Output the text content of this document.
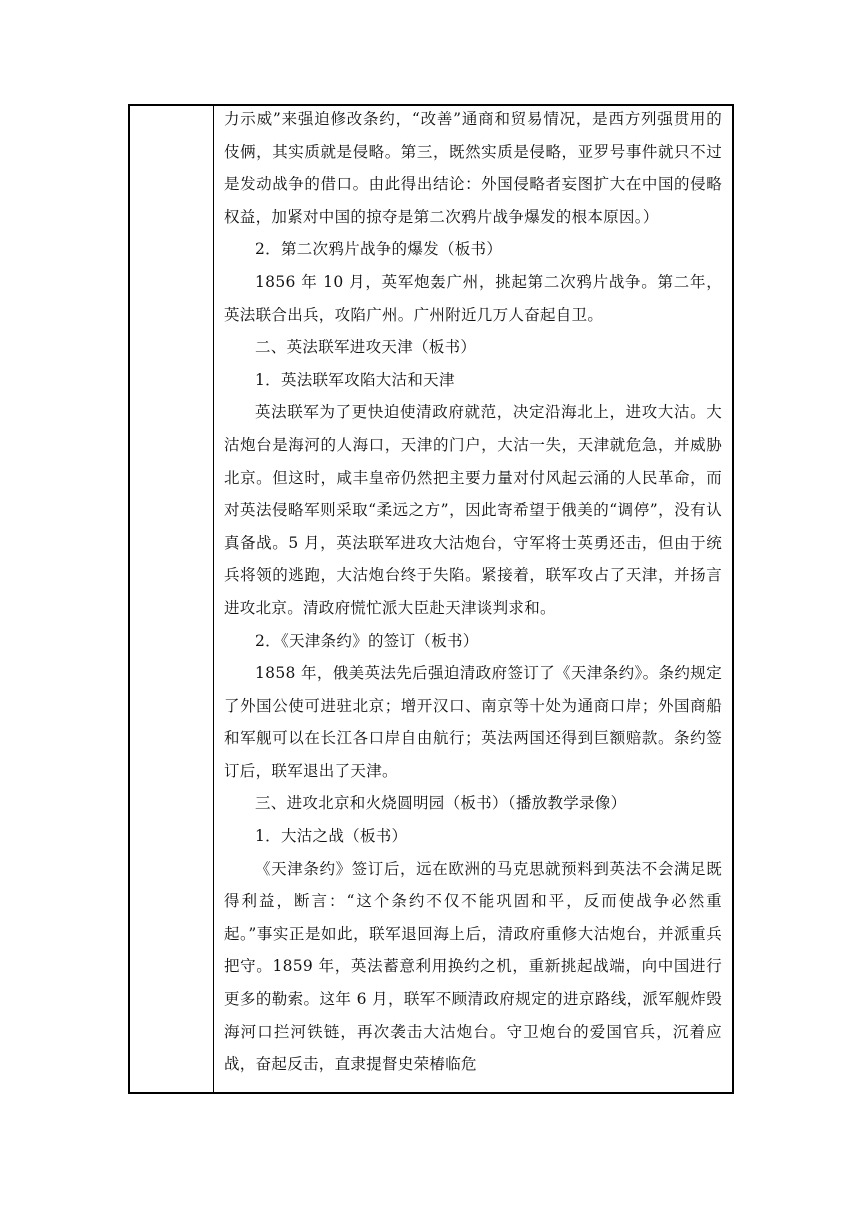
力示威”来强迫修改条约，“改善”通商和贸易情况，是西方列强贯用的伎俩，其实质就是侵略。第三，既然实质是侵略，亚罗号事件就只不过是发动战争的借口。由此得出结论：外国侵略者妄图扩大在中国的侵略权益，加紧对中国的掠夺是第二次鸦片战争爆发的根本原因。）

2．第二次鸦片战争的爆发（板书）

1856 年 10 月，英军炮轰广州，挑起第二次鸦片战争。第二年，英法联合出兵，攻陷广州。广州附近几万人奋起自卫。

二、英法联军进攻天津（板书）

1．英法联军攻陷大沽和天津

英法联军为了更快迫使清政府就范，决定沿海北上，进攻大沽。大沽炮台是海河的人海口，天津的门户，大沽一失，天津就危急，并威胁北京。但这时，咸丰皇帝仍然把主要力量对付风起云涌的人民革命，而对英法侵略军则采取“柔远之方”，因此寄希望于俄美的“调停”，没有认真备战。5 月，英法联军进攻大沽炮台，守军将士英勇还击，但由于统兵将领的逃跑，大沽炮台终于失陷。紧接着，联军攻占了天津，并扬言进攻北京。清政府慌忙派大臣赴天津谈判求和。

2．《天津条约》的签订（板书）

1858 年，俄美英法先后强迫清政府签订了《天津条约》。条约规定了外国公使可进驻北京；增开汉口、南京等十处为通商口岸；外国商船和军舰可以在长江各口岸自由航行；英法两国还得到巨额赔款。条约签订后，联军退出了天津。

三、进攻北京和火烧圆明园（板书）（播放教学录像）

1．大沽之战（板书）

《天津条约》签订后，远在欧洲的马克思就预料到英法不会满足既得利益，断言：“这个条约不仅不能巩固和平，反而使战争必然重起。”事实正是如此，联军退回海上后，清政府重修大沽炮台，并派重兵把守。1859 年，英法蓄意利用换约之机，重新挑起战端，向中国进行更多的勒索。这年 6 月，联军不顾清政府规定的进京路线，派军舰炸毁海河口拦河铁链，再次袭击大沽炮台。守卫炮台的爱国官兵，沉着应战，奋起反击，直隶提督史荣椿临危
